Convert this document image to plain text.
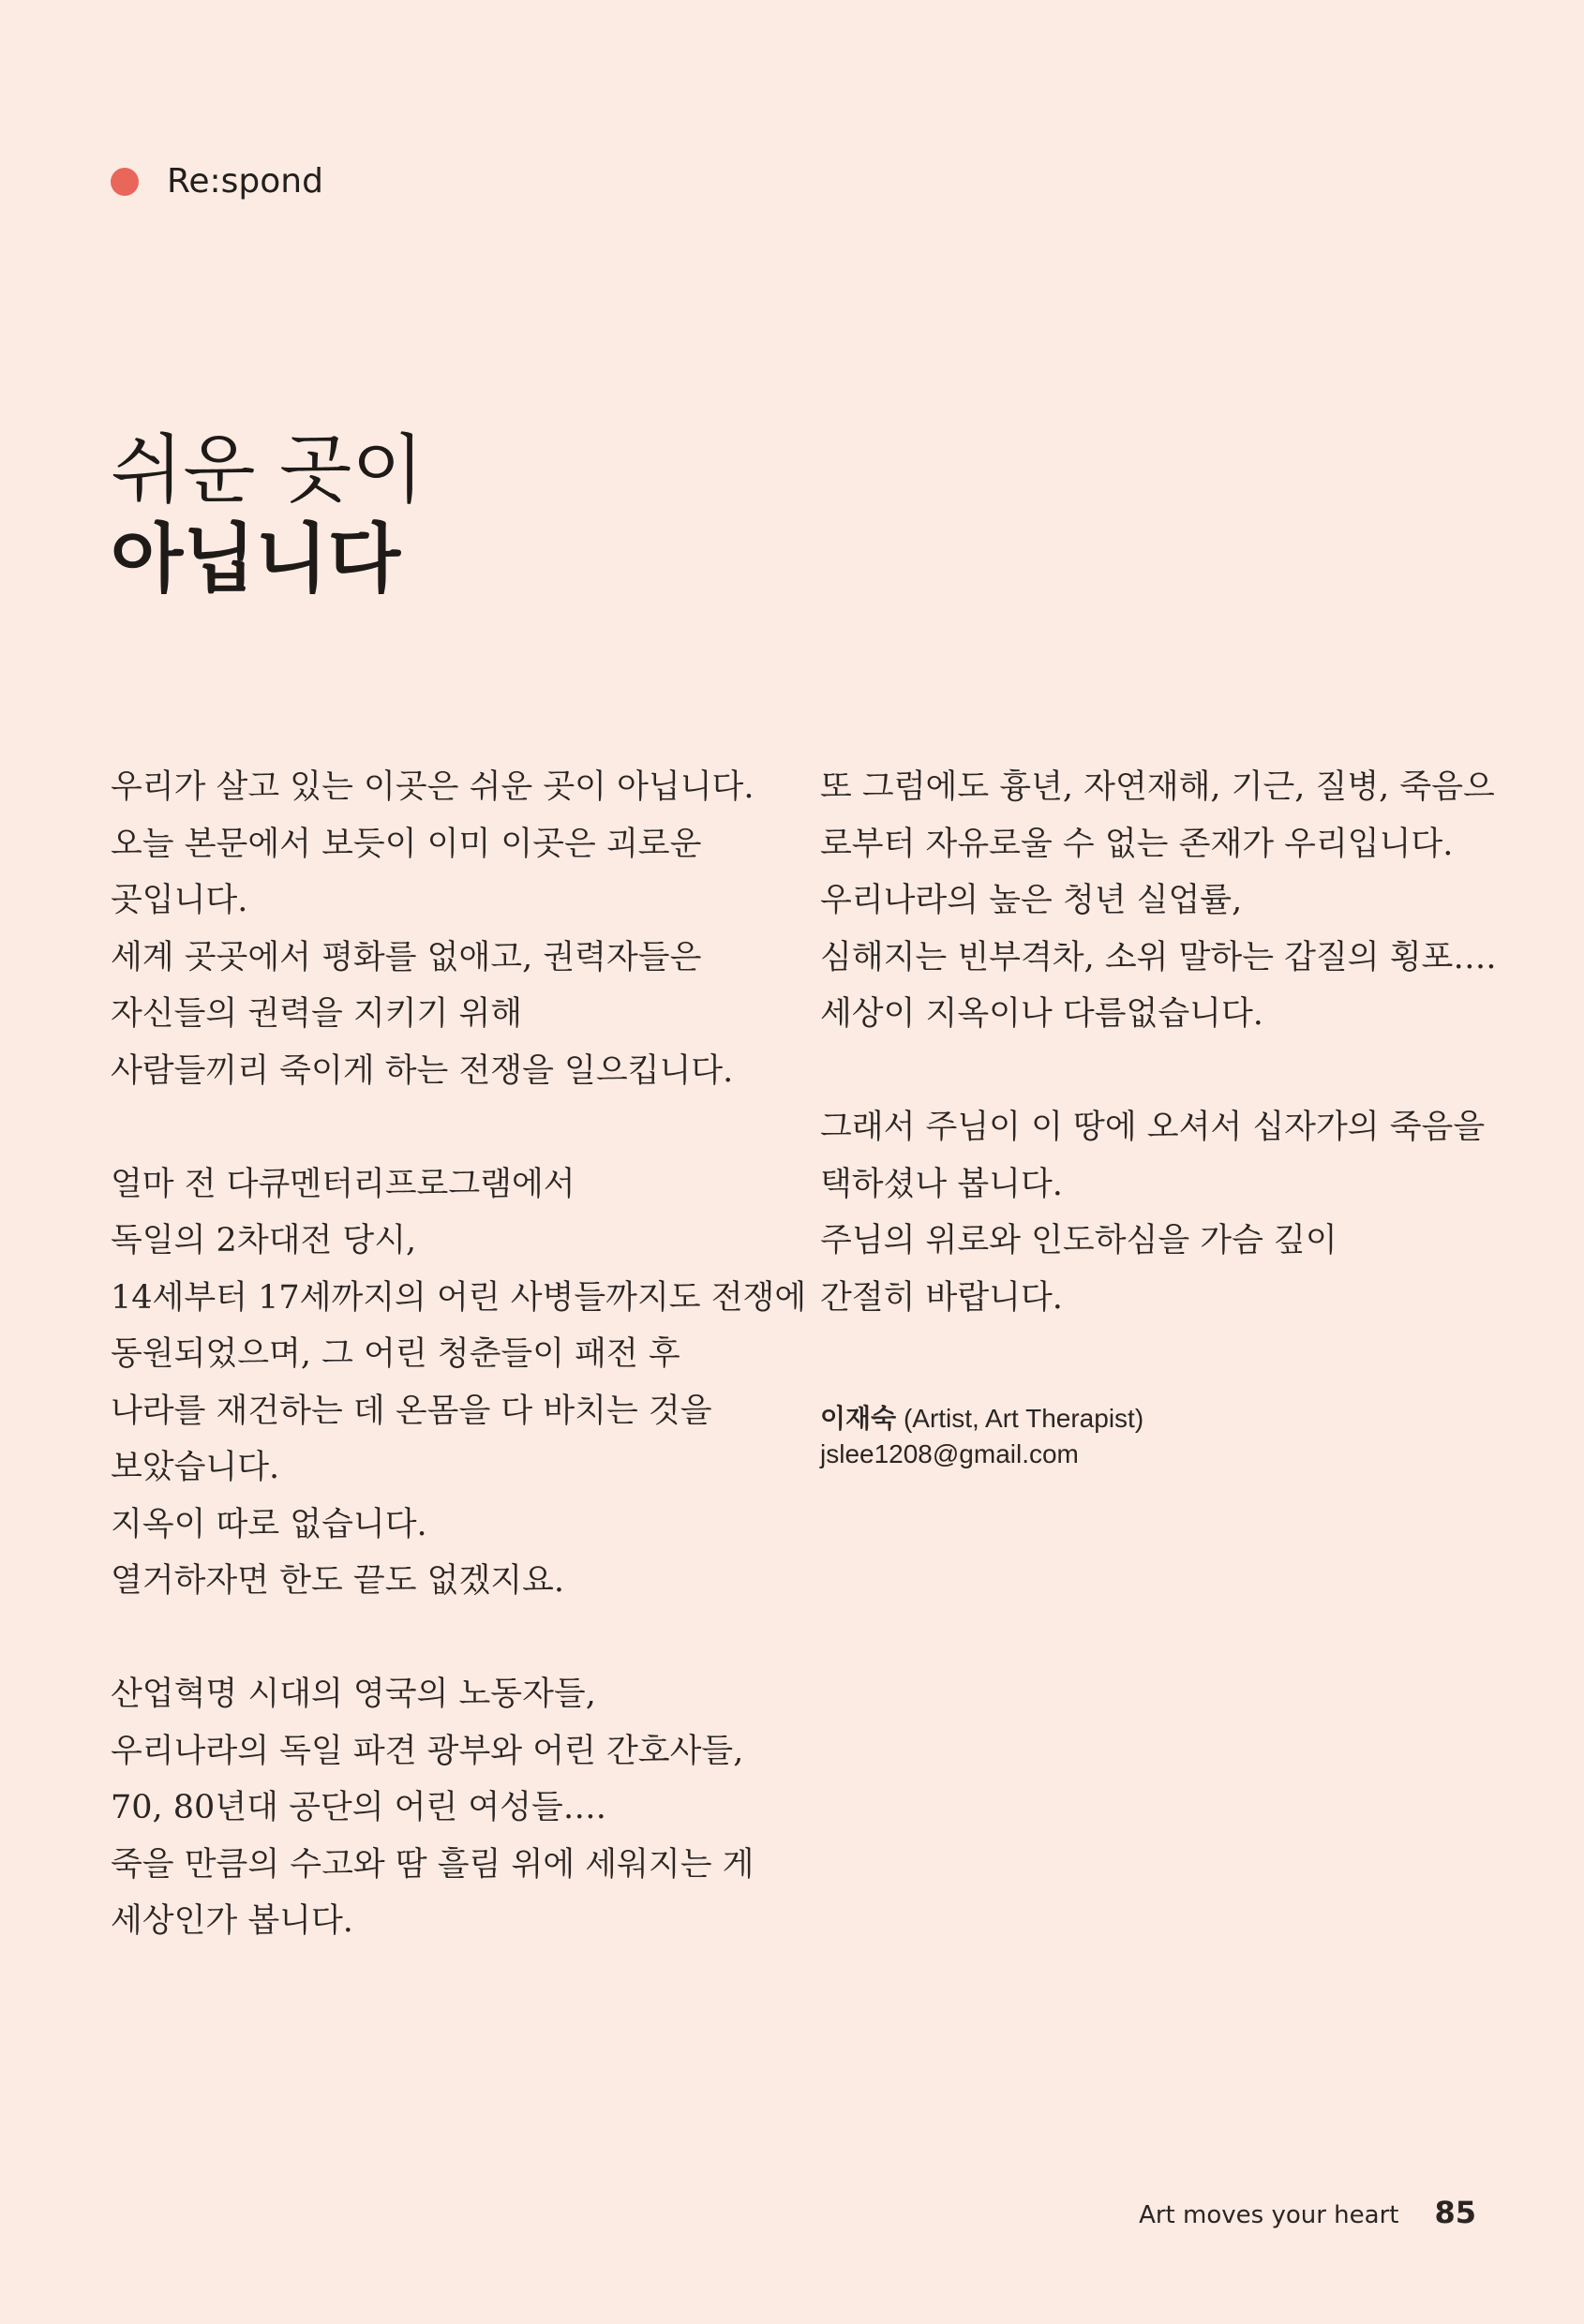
Re:spond
쉬운 곳이
아닙니다

우리가 살고 있는 이곳은 쉬운 곳이 아닙니다.
오늘 본문에서 보듯이 이미 이곳은 괴로운
곳입니다.
세계 곳곳에서 평화를 없애고, 권력자들은
자신들의 권력을 지키기 위해
사람들끼리 죽이게 하는 전쟁을 일으킵니다.

얼마 전 다큐멘터리프로그램에서
독일의 2차대전 당시,
14세부터 17세까지의 어린 사병들까지도 전쟁에
동원되었으며, 그 어린 청춘들이 패전 후
나라를 재건하는 데 온몸을 다 바치는 것을
보았습니다.
지옥이 따로 없습니다.
열거하자면 한도 끝도 없겠지요.

산업혁명 시대의 영국의 노동자들,
우리나라의 독일 파견 광부와 어린 간호사들,
70, 80년대 공단의 어린 여성들….
죽을 만큼의 수고와 땀 흘림 위에 세워지는 게
세상인가 봅니다.

또 그럼에도 흉년, 자연재해, 기근, 질병, 죽음으
로부터 자유로울 수 없는 존재가 우리입니다.
우리나라의 높은 청년 실업률,
심해지는 빈부격차, 소위 말하는 갑질의 횡포….
세상이 지옥이나 다름없습니다.

그래서 주님이 이 땅에 오셔서 십자가의 죽음을
택하셨나 봅니다.
주님의 위로와 인도하심을 가슴 깊이
간절히 바랍니다.

이재숙 (Artist, Art Therapist)
jslee1208@gmail.com
Art moves your heart 85
